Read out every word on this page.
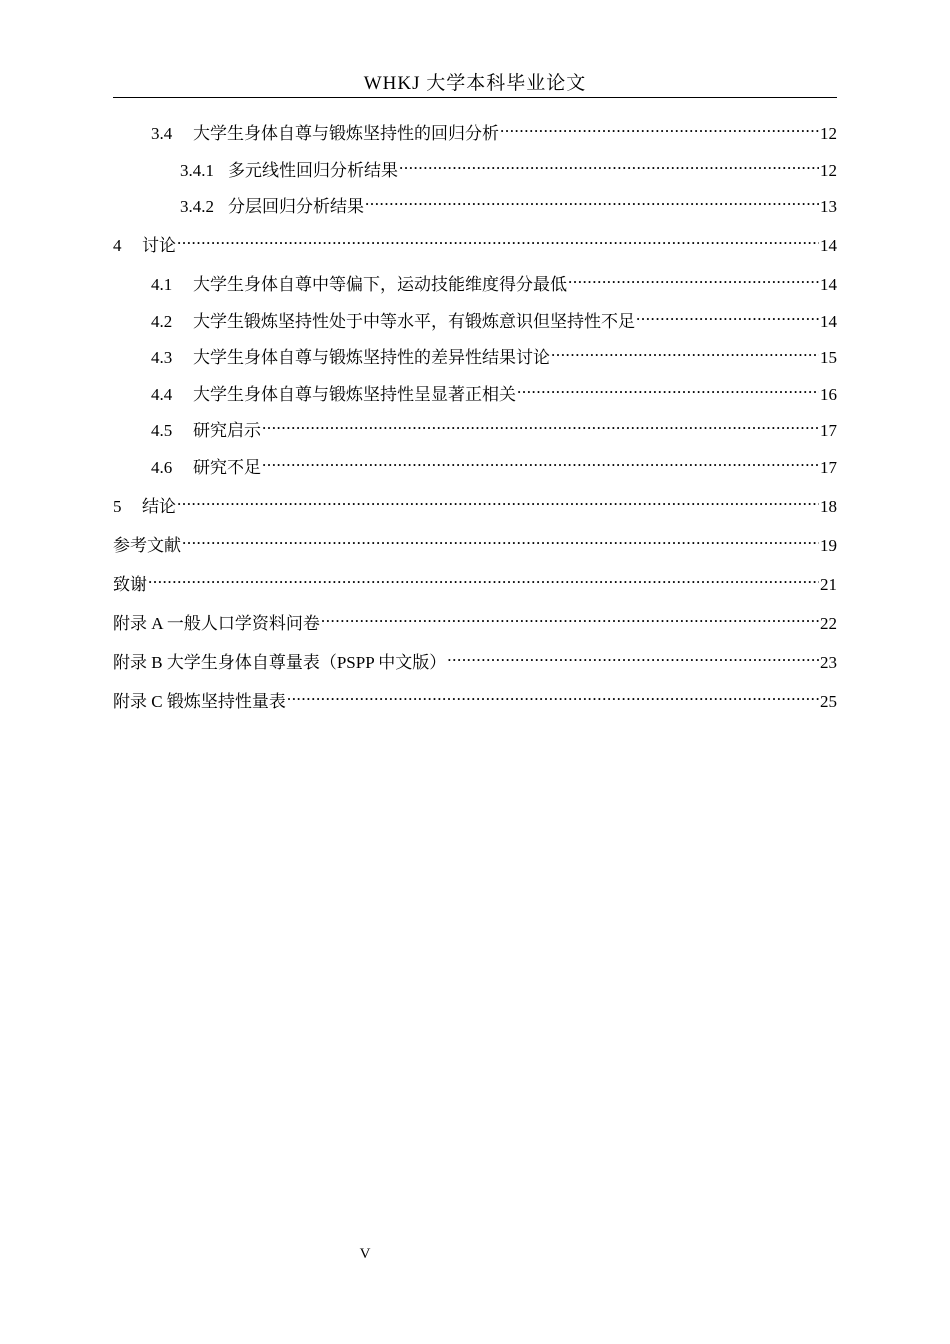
WHKJ 大学本科毕业论文
3.4	大学生身体自尊与锻炼坚持性的回归分析 .....	12
3.4.1 多元线性回归分析结果 .....	12
3.4.2 分层回归分析结果 .....	13
4	讨论 .....	14
4.1	大学生身体自尊中等偏下，运动技能维度得分最低 .....	14
4.2	大学生锻炼坚持性处于中等水平，有锻炼意识但坚持性不足 .....	14
4.3	大学生身体自尊与锻炼坚持性的差异性结果讨论 .....	15
4.4	大学生身体自尊与锻炼坚持性呈显著正相关 .....	16
4.5	研究启示 .....	17
4.6	研究不足 .....	17
5	结论 .....	18
参考文献 .....	19
致谢 .....	21
附录 A 一般人口学资料问卷 .....	22
附录 B 大学生身体自尊量表（PSPP 中文版） .....	23
附录 C 锻炼坚持性量表 .....	25
V
